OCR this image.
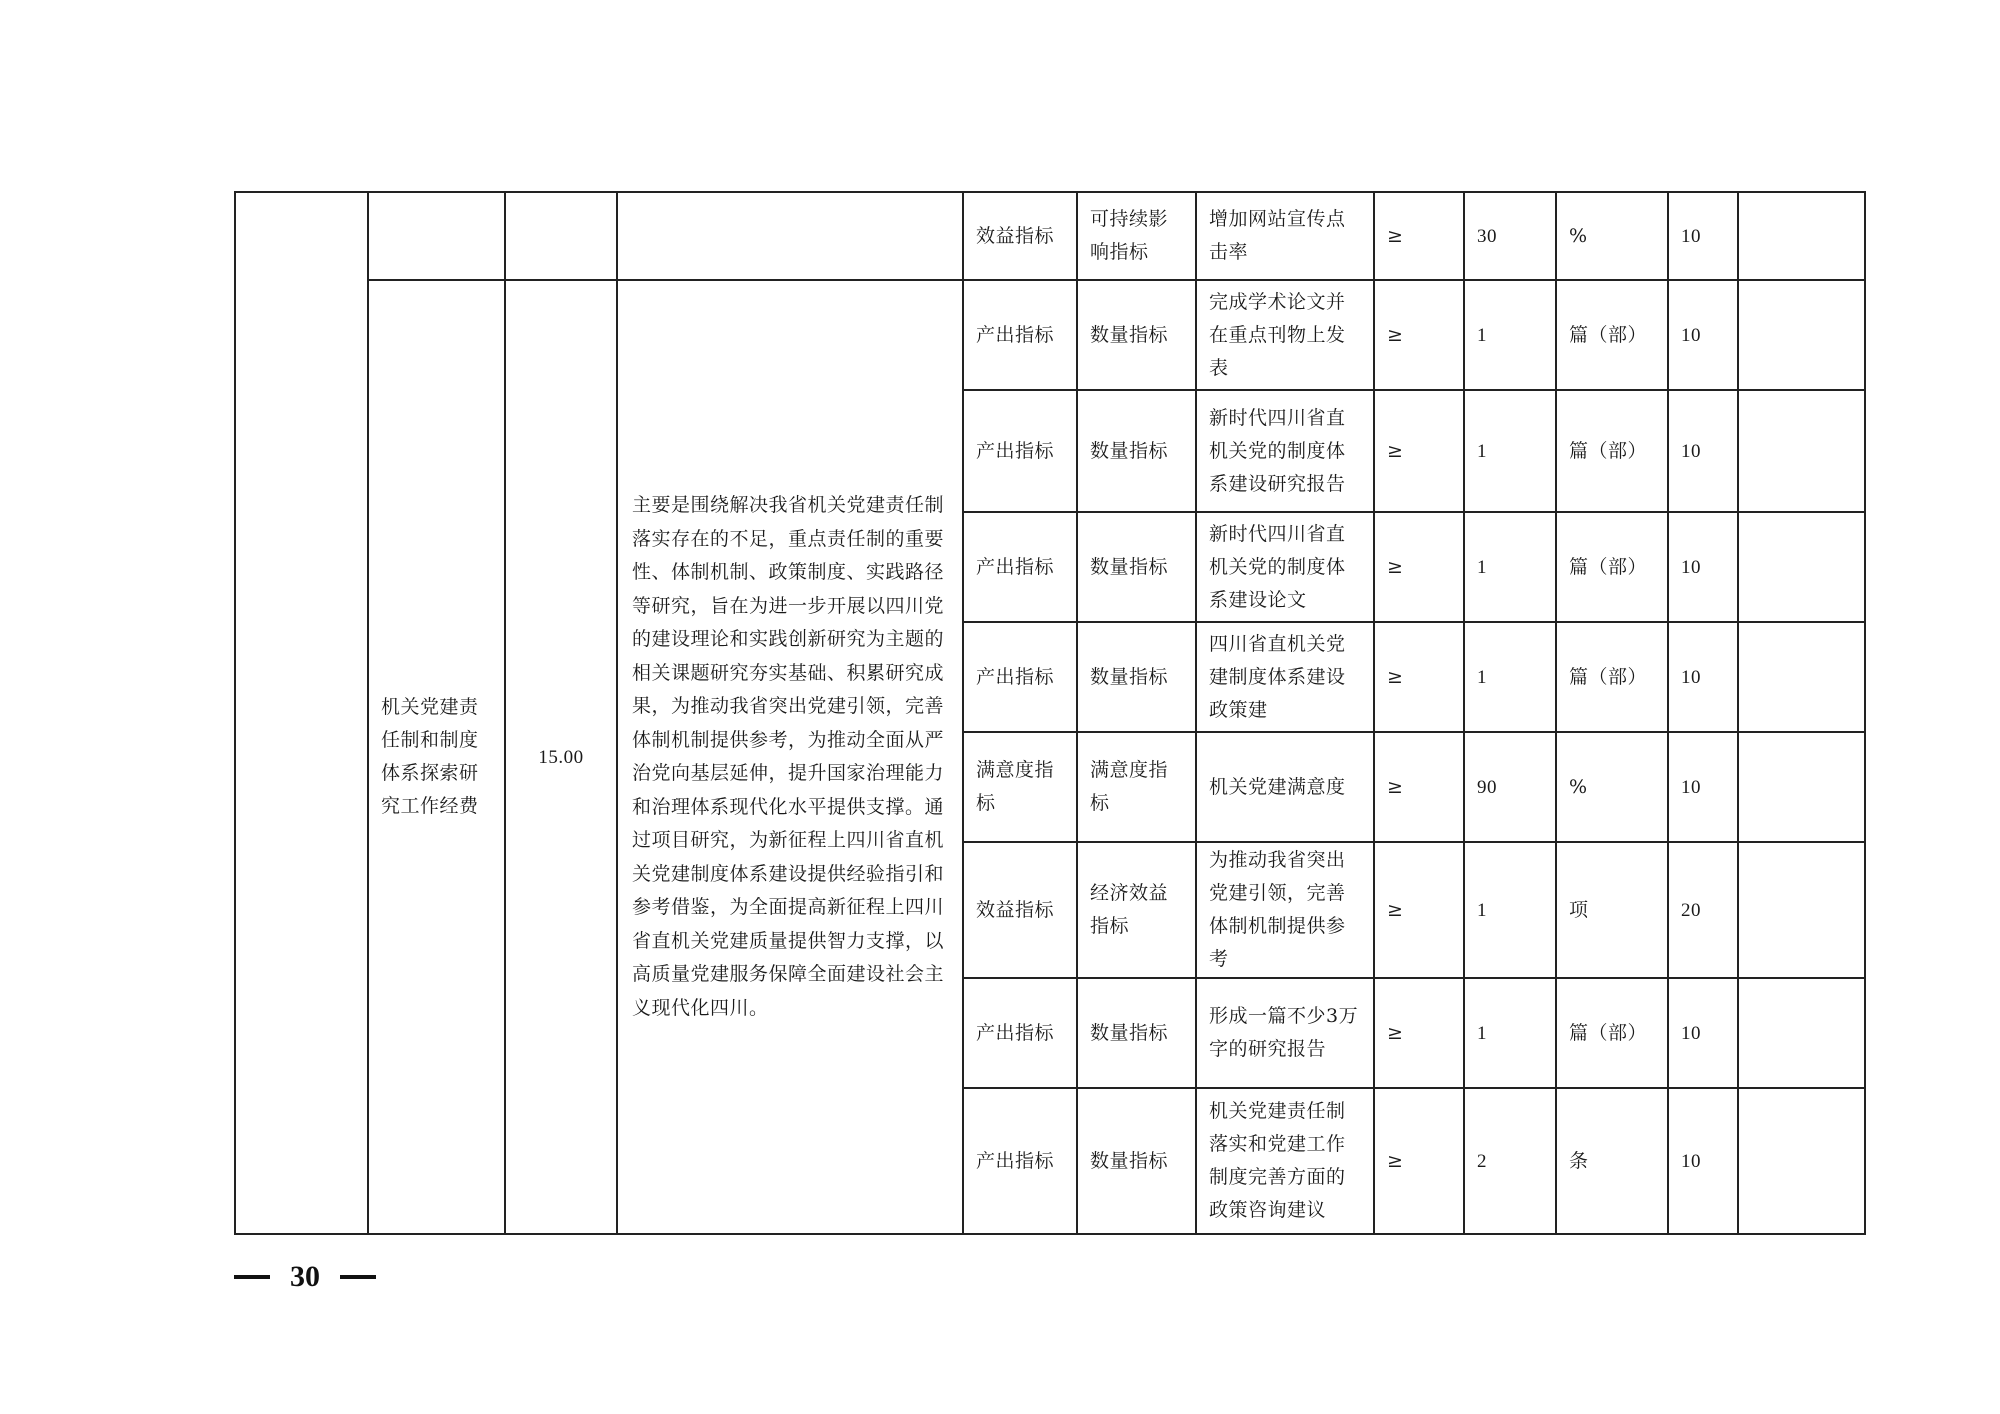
				效益指标	可持续影响指标	增加网站宣传点击率	≥	30	%	10	
	机关党建责任制和制度体系探索研究工作经费	15.00	主要是围绕解决我省机关党建责任制落实存在的不足，重点责任制的重要性、体制机制、政策制度、实践路径等研究，旨在为进一步开展以四川党的建设理论和实践创新研究为主题的相关课题研究夯实基础、积累研究成果，为推动我省突出党建引领，完善体制机制提供参考，为推动全面从严治党向基层延伸，提升国家治理能力和治理体系现代化水平提供支撑。通过项目研究，为新征程上四川省直机关党建制度体系建设提供经验指引和参考借鉴，为全面提高新征程上四川省直机关党建质量提供智力支撑，以高质量党建服务保障全面建设社会主义现代化四川。	产出指标	数量指标	完成学术论文并在重点刊物上发表	≥	1	篇（部）	10	
				产出指标	数量指标	新时代四川省直机关党的制度体系建设研究报告	≥	1	篇（部）	10	
				产出指标	数量指标	新时代四川省直机关党的制度体系建设论文	≥	1	篇（部）	10	
				产出指标	数量指标	四川省直机关党建制度体系建设政策建	≥	1	篇（部）	10	
				满意度指标	满意度指标	机关党建满意度	≥	90	%	10	
				效益指标	经济效益指标	为推动我省突出党建引领，完善体制机制提供参考	≥	1	项	20	
				产出指标	数量指标	形成一篇不少3万字的研究报告	≥	1	篇（部）	10	
				产出指标	数量指标	机关党建责任制落实和党建工作制度完善方面的政策咨询建议	≥	2	条	10	
30
